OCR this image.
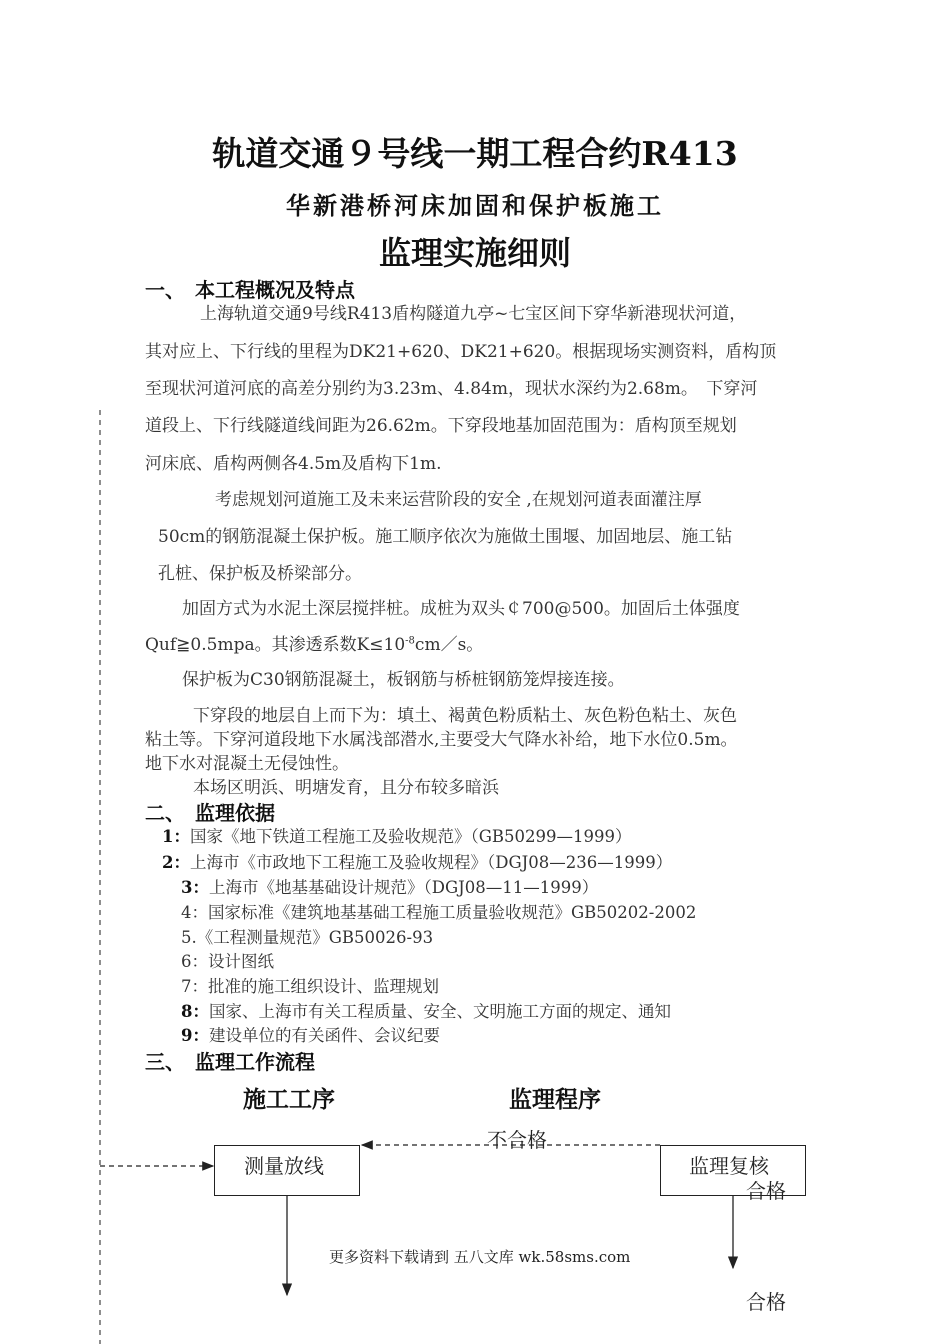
轨道交通９号线一期工程合约R413
华新港桥河床加固和保护板施工
监理实施细则
一、　本工程概况及特点
上海轨道交通9号线R413盾构隧道九亭~七宝区间下穿华新港现状河道，
其对应上、下行线的里程为DK21+620、DK21+620。根据现场实测资料，盾构顶
至现状河道河底的高差分别约为3.23m、4.84m，现状水深约为2.68m。　下穿河
道段上、下行线隧道线间距为26.62m。下穿段地基加固范围为：盾构顶至规划
河床底、盾构两侧各4.5m及盾构下1m.
考虑规划河道施工及未来运营阶段的安全 ,在规划河道表面灌注厚
50cm的钢筋混凝土保护板。施工顺序依次为施做土围堰、加固地层、施工钻
孔桩、保护板及桥梁部分。
加固方式为水泥土深层搅拌桩。成桩为双头￠700@500。加固后土体强度
Quf≧0.5mpa。其渗透系数$K\le 10^{-8}cm/s$。
保护板为C30钢筋混凝土，板钢筋与桥桩钢筋笼焊接连接。
下穿段的地层自上而下为：填土、褐黄色粉质粘土、灰色粉色粘土、灰色
粘土等。下穿河道段地下水属浅部潜水,主要受大气降水补给，地下水位0.5m。
地下水对混凝土无侵蚀性。
本场区明浜、明塘发育，且分布较多暗浜
二、　监理依据
1：国家《地下铁道工程施工及验收规范》（GB50299—1999）
2：上海市《市政地下工程施工及验收规程》（DGJ08—236—1999）
3：上海市《地基基础设计规范》（DGJ08—11—1999）
4：国家标准《建筑地基基础工程施工质量验收规范》GB50202-2002
5.《工程测量规范》GB50026-93
6：设计图纸
7：批准的施工组织设计、监理规划
8：国家、上海市有关工程质量、安全、文明施工方面的规定、通知
9：建设单位的有关函件、会议纪要
三、　监理工作流程
施工工序	监理程序
测量放线	监理复核
不合格
合格
合格
更多资料下载请到 五八文库 wk.58sms.com
